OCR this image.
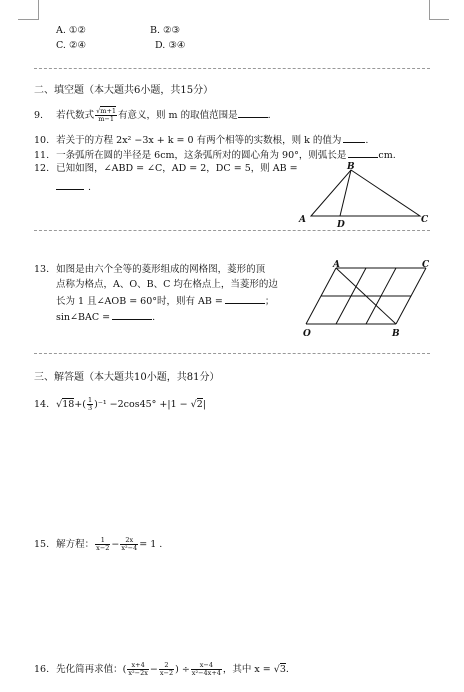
A. ①②	B. ②③
C. ②④	D. ③④
二、填空题（本大题共6小题，共15分）
9. 若代数式 $\frac{√m+1}{m-1}$ 有意义，则 m 的取值范围是	.
10. 若关于的方程 2x² −3x + k = 0 有两个相等的实数根，则 k 的值为	.
11. 一条弧所在圆的半径是 6cm，这条弧所对的圆心角为 90°，则弧长是	cm.
12. 已知如图，∠ABD = ∠C，AD = 2，DC = 5，则 AB =
.
B
A	D	C
13. 如图是由六个全等的菱形组成的网格图，菱形的顶
点称为格点，A、O、B、C 均在格点上，当菱形的边
长为 1 且∠AOB = 60°时，则有 AB =	；
sin∠BAC =	.
A	C
O	B
三、解答题（本大题共10小题，共81分）
14. $√18+( \frac{1}{3} )^{-1} -2\cos 45^\circ +|1 - √2|$
15. 解方程： $\frac{1}{x-2} - \frac{2x}{\text{x²−4}} = 1$ .
16. 先化简再求值：( $\frac{x+4}{\text{x²−2x}} - \frac{2}{x-2}$ ) ÷ $\frac{x-4}{\text{x²−4x+4}}$ ，其中 x = √3.
